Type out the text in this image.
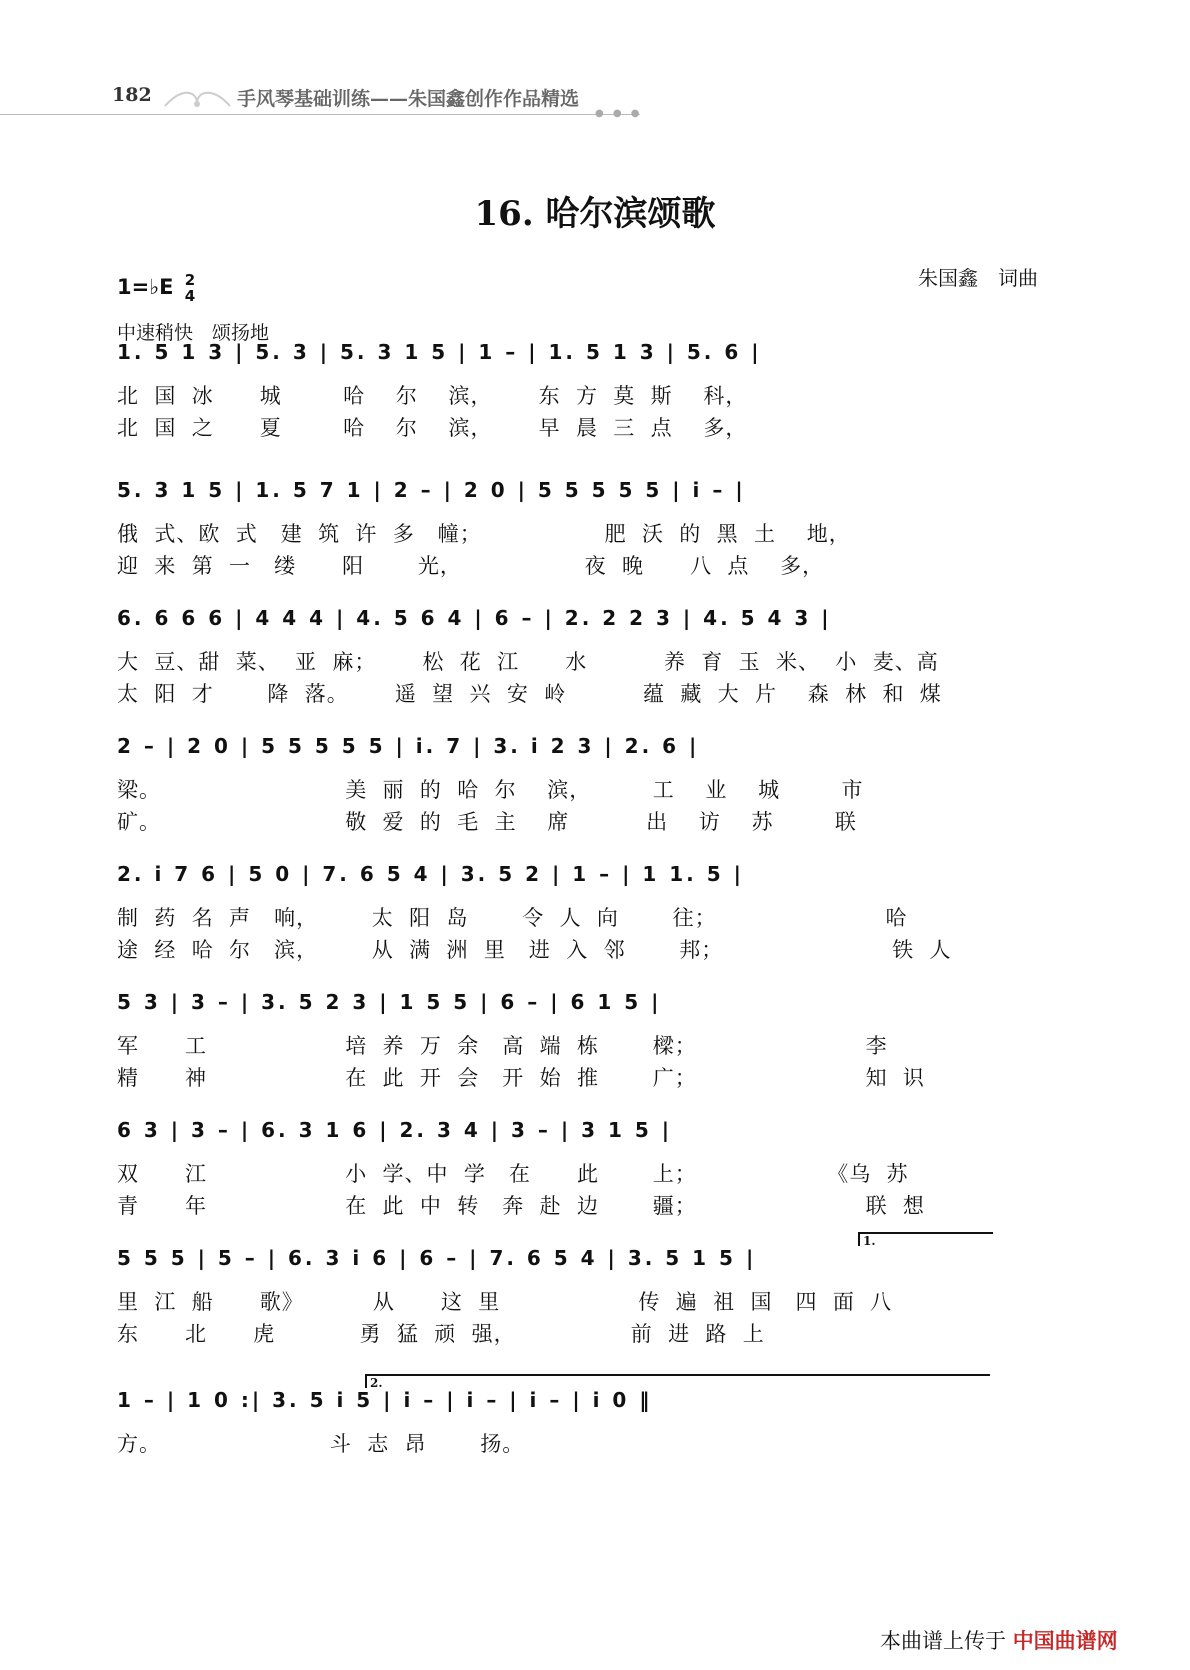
182	手风琴基础训练——朱国鑫创作作品精选
● ● ●
16. 哈尔滨颂歌
1=♭E 2
4
朱国鑫　词曲
中速稍快　颂扬地
1. 5 1 3 | 5. 3 | 5. 3 1 5 | 1 – | 1. 5 1 3 | 5. 6 |
北  国  冰      城        哈    尔    滨，      东  方  莫  斯    科，
北  国  之      夏        哈    尔    滨，      早  晨  三  点    多，
5. 3 1 5 | 1. 5 7 1 | 2 – | 2 0 | 5 5 5 5 5 | i – |
俄  式、欧  式   建  筑  许  多   幢；                肥  沃  的  黑  土    地，
迎  来  第  一   缕      阳       光，                夜  晚      八  点    多，
6. 6 6 6 | 4 4 4 | 4. 5 6 4 | 6 – | 2. 2 2 3 | 4. 5 4 3 |
大  豆、甜  菜、  亚  麻；      松  花  江      水          养  育  玉  米、  小  麦、高
太  阳  才       降  落。      遥  望  兴  安  岭          蕴  藏  大  片    森  林  和  煤
2 – | 2 0 | 5 5 5 5 5 | i. 7 | 3. i 2 3 | 2. 6 |
梁。                        美  丽  的  哈  尔    滨，        工    业    城        市
矿。                        敬  爱  的  毛  主    席          出    访    苏        联
2. i 7 6 | 5 0 | 7. 6 5 4 | 3. 5 2 | 1 – | 1 1. 5 |
制  药  名  声   响，       太  阳  岛       令  人  向       往；                      哈
途  经  哈  尔   滨，       从  满  洲  里   进  入  邻       邦；                      铁  人
5 3 | 3 – | 3. 5 2 3 | 1 5 5 | 6 – | 6 1 5 |
军      工                  培  养  万  余   高  端  栋       樑；                      李
精      神                  在  此  开  会   开  始  推       广；                      知  识
6 3 | 3 – | 6. 3 1 6 | 2. 3 4 | 3 – | 3 1 5 |
双      江                  小  学、中  学   在      此       上；                 《乌  苏
青      年                  在  此  中  转   奔  赴  边       疆；                      联  想
5 5 5 | 5 – | 6. 3 i 6 | 6 – | 7. 6 5 4 | 3. 5 1 5 |
里  江  船      歌》         从      这  里                  传  遍  祖  国   四  面  八
东      北      虎           勇  猛  顽  强，               前  进  路  上
1 – | 1 0 :| 3. 5 i 5 | i – | i – | i – | i 0 ‖
方。                      斗  志  昂       扬。
1.
2.
本曲谱上传于 中国曲谱网
